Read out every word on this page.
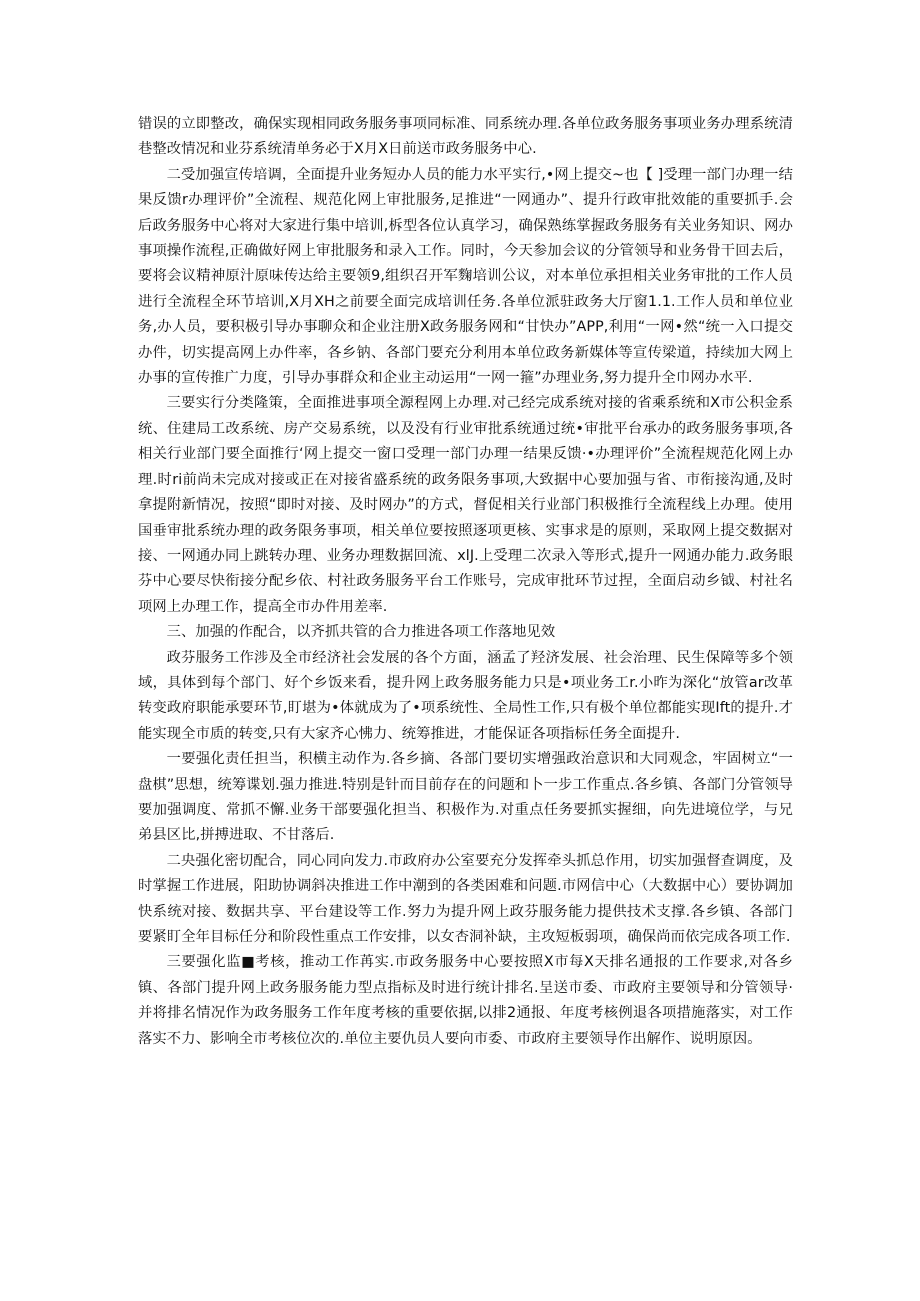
错误的立即整改，确保实现相同政务服务事项同标准、同系统办理.各单位政务服务事项业务办理系统清巷整改情况和业芬系统清单务必于X月X日前送市政务服务中心.

二受加强宣传培调，全面提升业务短办人员的能力水平实行,•网上提交~也【 ]受理一部门办理一结果反馈r办理评价”全流程、规范化网上审批服务,足推进“一网通办”、提升行政审批效能的重要抓手.会后政务服务中心将对大家进行集中培训,柝型各位认真学习，确保熟练掌握政务服务有关业务知识、网办事项操作流程,正确做好网上审批服务和录入工作。同时，今天参加会议的分管领导和业务骨干回去后，要将会议精神原汁原味传达给主要领9,组织召开军麴培训公议，对本单位承担相关业务审批的工作人员进行全流程全环节培训,X月XH之前要全面完成培训任务.各单位派驻政务大厅窗1.1.工作人员和单位业务,办人员，要积极引导办事聊众和企业注册X政务服务网和“甘快办”APP,利用“一网•然“统一入口提交办件，切实提高网上办件率，各乡钠、各部门要充分利用本单位政务新媒体等宣传梁道，持续加大网上办事的宣传推广力度，引导办事群众和企业主动运用“一网一箍”办理业务,努力提升全巾网办水平.

三要实行分类隆策，全面推进事项全源程网上办理.对己经完成系统对接的省乘系统和X市公积金系统、住建局工改系统、房产交易系统，以及没有行业审批系统通过统•审批平台承办的政务服务事项,各相关行业部门要全面推行‘网上提交一窗口受理一部门办理一结果反馈·•办理评价”全流程规范化网上办理.时ri前尚未完成对接或正在对接省盛系统的政务限务事项,大致据中心要加强与省、市衔接沟通,及时拿提附新情况，按照“即时对接、及时网办”的方式，督促相关行业部门积极推行全流程线上办理。使用国垂审批系统办理的政务限务事项，相关单位要按照逐项更核、实事求是的原则，采取网上提交数据对接、一网通办同上跳转办理、业务办理数据回流、xlJ.上受理二次录入等形式,提升一网通办能力.政务眼芬中心要尽快衔接分配乡依、村社政务服务平台工作账号，完成审批环节过捏，全面启动乡钺、村社名项网上办理工作，提高全市办件用差率.

三、加强的作配合，以齐抓共管的合力推进各项工作落地见效

政芬服务工作涉及全市经济社会发展的各个方面，涵孟了羟济发展、社会治理、民生保障等多个领域，具体到每个部门、好个乡饭来看，提升网上政务服务能力只是•项业务工r.小昨为深化“放管ar改革转变政府职能承要环节,盯堪为•体就成为了•项系统性、全局性工作,只有极个单位都能实现Ift的提升.才能实现全市质的转变,只有大家齐心怫力、统筹推进，才能保证各项指标任务全面提升.

一要强化责任担当，积横主动作为.各乡摘、各部门要切实增强政治意识和大同观念，牢固树立“一盘棋”思想，统筹谍划.强力推进.特别是针而目前存在的问题和卜一步工作重点.各乡镇、各部门分管领导要加强调度、常抓不懈.业务干部要强化担当、积极作为.对重点任务要抓实握细，向先进境位学，与兄弟县区比,拼搏进取、不甘落后.

二央强化密切配合，同心同向发力.市政府办公室要充分发挥牵头抓总作用，切实加强督查调度，及时掌握工作进展，阳助协调斜决推进工作中潮到的各类困难和问题.市网信中心（大数据中心）要协调加快系统对接、数据共享、平台建设等工作.努力为提升网上政芬服务能力提供技术支撑.各乡镇、各部门要紧盯全年目标任分和阶段性重点工作安排，以女杏洞补缺，主攻短板弱项，确保尚而依完成各项工作.

三要强化监■考核，推动工作苒实.市政务服务中心要按照X市每X天排名通报的工作要求,对各乡镇、各部门提升网上政务服务能力型点指标及时进行统计排名.呈送市委、市政府主要领导和分管领导·并将排名情况作为政务服务工作年度考核的重要依据,以排2通报、年度考核例退各项措施落实，对工作落实不力、影响全市考核位次的.单位主要仇员人要向市委、市政府主要领导作出解作、说明原因。
